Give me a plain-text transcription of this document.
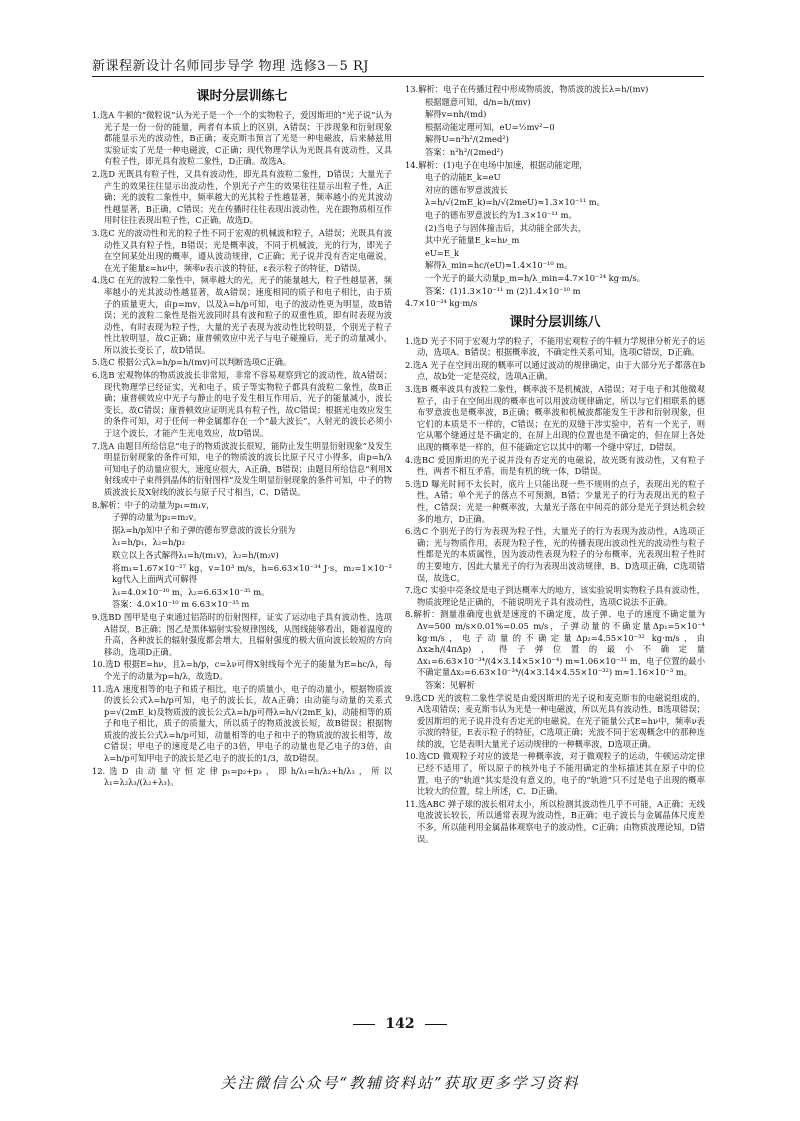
新课程新设计名师同步导学 物理 选修3－5 RJ
课时分层训练七
1.选A 牛顿的“微粒说”认为光子是一个一个的实物粒子，爱因斯坦的“光子说”认为光子是一份一份的能量，两者有本质上的区别，A错误；干涉现象和衍射现象都能显示光的波动性，B正确；麦克斯韦预言了光是一种电磁波，后来赫兹用实验证实了光是一种电磁波，C正确；现代物理学认为光既具有波动性，又具有粒子性，即光具有波粒二象性，D正确。故选A。
2.选D 光既具有粒子性，又具有波动性，即光具有波粒二象性，D错误；大量光子产生的效果往往显示出波动性，个别光子产生的效果往往显示出粒子性，A正确；光的波粒二象性中，频率越大的光其粒子性越显著，频率越小的光其波动性越显著，B正确，C错误；光在传播时往往表现出波动性，光在跟物质相互作用时往往表现出粒子性，C正确。故选D。
3.选C 光的波动性和光的粒子性不同于宏观的机械波和粒子，A错误；光既具有波动性又具有粒子性，B错误；光是概率波，不同于机械波，光的行为，即光子在空间某处出现的概率，遵从波动规律，C正确；光子说并没有否定电磁说，在光子能量ε=hν中，频率ν表示波的特征，ε表示粒子的特征，D错误。
4.选C 在光的波粒二象性中，频率越大的光，光子的能量越大，粒子性越显著，频率越小的光其波动性越显著，故A错误；速度相同的质子和电子相比，由于质子的质量更大，由p=mv，以及λ=h/p可知，电子的波动性更为明显，故B错误；光的波粒二象性是指光波同时具有波和粒子的双重性质，即有时表现为波动性，有时表现为粒子性，大量的光子表现为波动性比较明显，个别光子粒子性比较明显，故C正确；康普顿效应中光子与电子碰撞后，光子的动量减小，所以波长变长了，故D错误。
5.选C 根据公式λ=h/p=h/(mv)可以判断选项C正确。
6.选B 宏观物体的物质波波长非常短，非常不容易观察到它的波动性，故A错误；现代物理学已经证实，光和电子、质子等实物粒子都具有波粒二象性，故B正确；康普顿效应中光子与静止的电子发生相互作用后，光子的能量减小，波长变长，故C错误；康普顿效应证明光具有粒子性，故C错误；根据光电效应发生的条件可知，对于任何一种金属都存在一个“最大波长”，入射光的波长必须小于这个波长，才能产生光电效应，故D错误。
7.选A 由题目所给信息“电子的物质波波长很短，能防止发生明显衍射现象”及发生明显衍射现象的条件可知，电子的物质波的波长比原子尺寸小得多，由p=h/λ可知电子的动量应很大，速度应很大，A正确，B错误；由题目所给信息“利用X射线或中子束得到晶体的衍射图样”及发生明显衍射现象的条件可知，中子的物质波波长及X射线的波长与原子尺寸相当，C、D错误。
8.解析：中子的动量为p₁=m₁v，
子弹的动量为p₂=m₂v。
据λ=h/p知中子和子弹的德布罗意波的波长分别为
λ₁=h/p₁，λ₂=h/p₂
联立以上各式解得λ₁=h/(m₁v)，λ₂=h/(m₂v)
将m₁=1.67×10⁻²⁷ kg，v=10³ m/s，h=6.63×10⁻³⁴ J·s，m₂=1×10⁻² kg代入上面两式可解得
λ₁=4.0×10⁻¹⁰ m，λ₂=6.63×10⁻³⁵ m。
答案：4.0×10⁻¹⁰ m 6.63×10⁻³⁵ m
9.选BD 图甲是电子束通过铝箔时的衍射图样，证实了运动电子具有波动性，选项A错误，B正确；图乙是黑体辐射实验规律图线，从图线能够看出，随着温度的升高，各种波长的辐射强度都会增大，且辐射强度的极大值向波长较短的方向移动，选项D正确。
10.选D 根据E=hν，且λ=h/p，c=λν可得X射线每个光子的能量为E=hc/λ，每个光子的动量为p=h/λ，故选D。
11.选A 速度相等的电子和质子相比，电子的质量小，电子的动量小，根据物质波的波长公式λ=h/p可知，电子的波长长，故A正确；由动能与动量的关系式p=√(2mE_k)及物质波的波长公式λ=h/p可得λ=h/√(2mE_k)，动能相等的质子和电子相比，质子的质量大，所以质子的物质波波长短，故B错误；根据物质波的波长公式λ=h/p可知，动量相等的电子和中子的物质波的波长相等，故C错误；甲电子的速度是乙电子的3倍，甲电子的动量也是乙电子的3倍，由λ=h/p可知甲电子的波长是乙电子的波长的1/3，故D错误。
12.选D 由动量守恒定律p₁=p₂+p₃，即h/λ₁=h/λ₂+h/λ₃，所以λ₁=λ₂λ₃/(λ₂+λ₃)。
13.解析：电子在传播过程中形成物质波，物质波的波长λ=h/(mv)
根据题意可知，d/n=h/(mv)
解得v=nh/(md)
根据动能定理可知，eU=½mv²−0
解得U=n²h²/(2med²)
答案：n²h²/(2med²)
14.解析：(1)电子在电场中加速，根据动能定理，
电子的动能E_k=eU
对应的德布罗意波波长
λ=h/√(2mE_k)=h/√(2meU)≈1.3×10⁻¹¹ m。
电子的德布罗意波长约为1.3×10⁻¹¹ m。
(2)当电子与固体撞击后，其动能全部失去，
其中光子能量E_k=hν_m
eU=E_k
解得λ_min=hc/(eU)≈1.4×10⁻¹⁰ m。
一个光子的最大动量p_m=h/λ_min=4.7×10⁻²⁴ kg·m/s。
答案：(1)1.3×10⁻¹¹ m (2)1.4×10⁻¹⁰ m
4.7×10⁻²⁴ kg·m/s
课时分层训练八
1.选D 光子不同于宏观力学的粒子，不能用宏观粒子的牛顿力学规律分析光子的运动，选项A、B错误；根据概率波，不确定性关系可知，选项C错误，D正确。
2.选A 光子在空间出现的概率可以通过波动的规律确定，由于大部分光子都落在b点，故b处一定是亮纹，选项A正确。
3.选B 概率波具有波粒二象性，概率波不是机械波，A错误；对于电子和其他微观粒子，由于在空间出现的概率也可以用波动规律确定，所以与它们相联系的德布罗意波也是概率波，B正确；概率波和机械波都能发生干涉和衍射现象，但它们的本质是不一样的，C错误；在光的双缝干涉实验中，若有一个光子，则它从哪个缝通过是不确定的，在屏上出现的位置也是不确定的，但在屏上各处出现的概率是一样的，但不能确定它以其中的哪一个缝中穿过，D错误。
4.选BC 爱因斯坦的光子说并没有否定光的电磁说，故光既有波动性，又有粒子性，两者不相互矛盾，而是有机的统一体，D错误。
5.选D 曝光时间不太长时，底片上只能出现一些不规则的点子，表现出光的粒子性，A错；单个光子的落点不可预测，B错；少量光子的行为表现出光的粒子性，C错误；光是一种概率波，大量光子落在中间亮的部分是光子到达机会较多的地方，D正确。
6.选C 个别光子的行为表现为粒子性，大量光子的行为表现为波动性，A选项正确；光与物质作用，表现为粒子性，光的传播表现出波动性光的波动性与粒子性都是光的本质属性，因为波动性表现为粒子的分布概率，光表现出粒子性时的主要地方，因此大量光子的行为表现出波动规律，B、D选项正确，C选项错误，故选C。
7.选C 实验中亮条纹是电子到达概率大的地方，该实验说明实物粒子具有波动性，物质波理论是正确的，不能说明光子具有波动性，选项C说法不正确。
8.解析：测量准确度也就是速度的不确定度，故子弹、电子的速度不确定量为Δv=500 m/s×0.01%=0.05 m/s，子弹动量的不确定量Δp₁=5×10⁻⁴ kg·m/s，电子动量的不确定量Δp₂=4.55×10⁻³² kg·m/s，由Δx≥h/(4πΔp)，得子弹位置的最小不确定量Δx₁=6.63×10⁻³⁴/(4×3.14×5×10⁻⁴) m≈1.06×10⁻³¹ m，电子位置的最小不确定量Δx₂=6.63×10⁻³⁴/(4×3.14×4.55×10⁻³²) m≈1.16×10⁻³ m。
答案：见解析
9.选CD 光的波粒二象性学说是由爱因斯坦的光子说和麦克斯韦的电磁说组成的，A选项错误；麦克斯韦认为光是一种电磁波，所以光具有波动性，B选项错误；爱因斯坦的光子说并没有否定光的电磁说，在光子能量公式E=hν中，频率ν表示波的特征，E表示粒子的特征，C选项正确；光波不同于宏观概念中的那种连续的波，它是表明大量光子运动规律的一种概率波，D选项正确。
10.选CD 微观粒子对应的波是一种概率波，对于微观粒子的运动，牛顿运动定律已经不适用了，所以原子的核外电子不能用确定的坐标描述其在原子中的位置，电子的“轨道”其实是没有意义的，电子的“轨道”只不过是电子出现的概率比较大的位置，综上所述，C、D正确。
11.选ABC 弹子球的波长相对太小，所以检测其波动性几乎不可能，A正确；无线电波波长较长，所以通常表现为波动性，B正确；电子波长与金属晶体尺度差不多，所以能利用金属晶体观察电子的波动性，C正确；由物质波理论知，D错误。
142
关注微信公众号“教辅资料站”获取更多学习资料
